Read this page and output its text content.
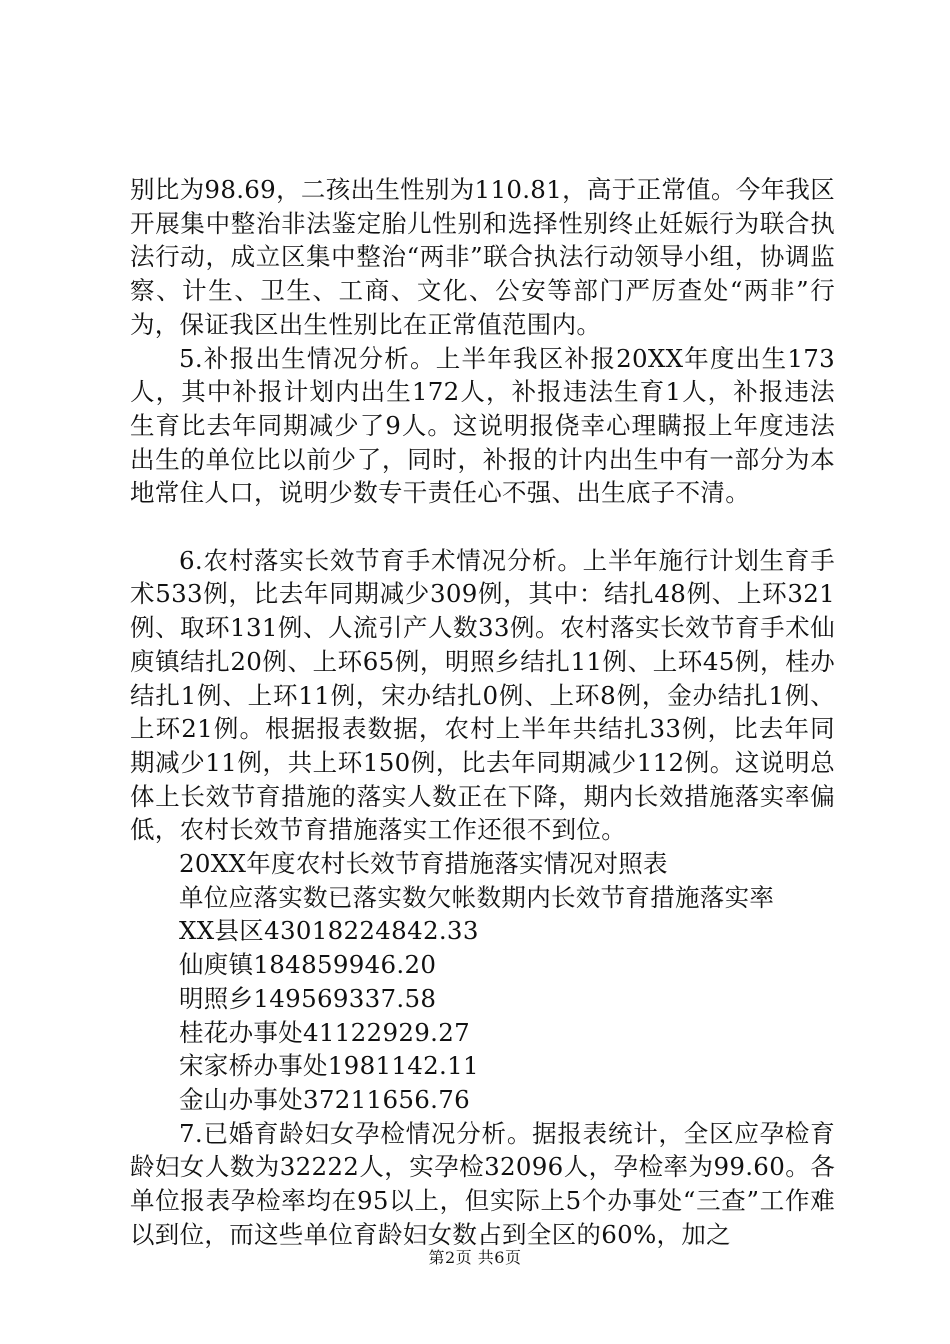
别比为98.69，二孩出生性别为110.81，高于正常值。今年我区开展集中整治非法鉴定胎儿性别和选择性别终止妊娠行为联合执法行动，成立区集中整治“两非”联合执法行动领导小组，协调监察、计生、卫生、工商、文化、公安等部门严厉查处“两非”行为，保证我区出生性别比在正常值范围内。

5.补报出生情况分析。上半年我区补报20XX年度出生173人，其中补报计划内出生172人，补报违法生育1人，补报违法生育比去年同期减少了9人。这说明报侥幸心理瞒报上年度违法出生的单位比以前少了，同时，补报的计内出生中有一部分为本地常住人口，说明少数专干责任心不强、出生底子不清。

6.农村落实长效节育手术情况分析。上半年施行计划生育手术533例，比去年同期减少309例，其中：结扎48例、上环321例、取环131例、人流引产人数33例。农村落实长效节育手术仙庾镇结扎20例、上环65例，明照乡结扎11例、上环45例，桂办结扎1例、上环11例，宋办结扎0例、上环8例，金办结扎1例、上环21例。根据报表数据，农村上半年共结扎33例，比去年同期减少11例，共上环150例，比去年同期减少112例。这说明总体上长效节育措施的落实人数正在下降，期内长效措施落实率偏低，农村长效节育措施落实工作还很不到位。

20XX年度农村长效节育措施落实情况对照表

单位应落实数已落实数欠帐数期内长效节育措施落实率

XX县区43018224842.33

仙庾镇184859946.20

明照乡149569337.58

桂花办事处41122929.27

宋家桥办事处1981142.11

金山办事处37211656.76

7.已婚育龄妇女孕检情况分析。据报表统计，全区应孕检育龄妇女人数为32222人，实孕检32096人，孕检率为99.60。各单位报表孕检率均在95以上，但实际上5个办事处“三查”工作难以到位，而这些单位育龄妇女数占到全区的60%，加之

第2页 共6页
